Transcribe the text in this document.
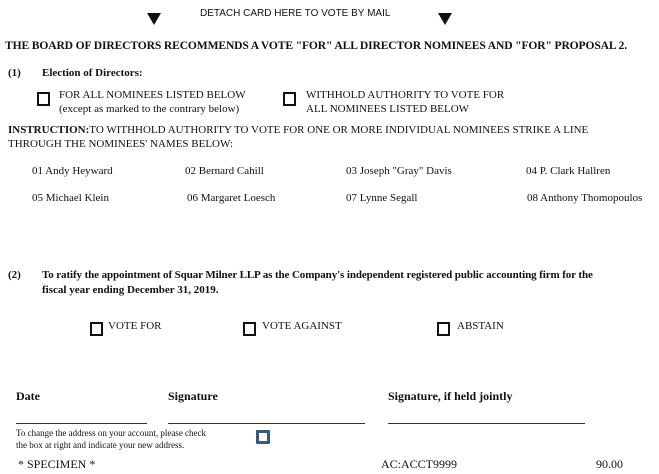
DETACH CARD HERE TO VOTE BY MAIL
THE BOARD OF DIRECTORS RECOMMENDS A VOTE "FOR" ALL DIRECTOR NOMINEES AND "FOR" PROPOSAL 2.
(1) Election of Directors:
FOR ALL NOMINEES LISTED BELOW
(except as marked to the contrary below)
WITHHOLD AUTHORITY TO VOTE FOR
ALL NOMINEES LISTED BELOW
INSTRUCTION:TO WITHHOLD AUTHORITY TO VOTE FOR ONE OR MORE INDIVIDUAL NOMINEES STRIKE A LINE
THROUGH THE NOMINEES' NAMES BELOW:
01 Andy Heyward	02 Bernard Cahill	03 Joseph "Gray" Davis	04 P. Clark Hallren
05 Michael Klein	06 Margaret Loesch	07 Lynne Segall	08 Anthony Thomopoulos
(2) To ratify the appointment of Squar Milner LLP as the Company's independent registered public accounting firm for the
fiscal year ending December 31, 2019.
VOTE FOR	VOTE AGAINST	ABSTAIN
Date	Signature	Signature, if held jointly
To change the address on your account, please check
the box at right and indicate your new address.
* SPECIMEN *	AC:ACCT9999	90.00
